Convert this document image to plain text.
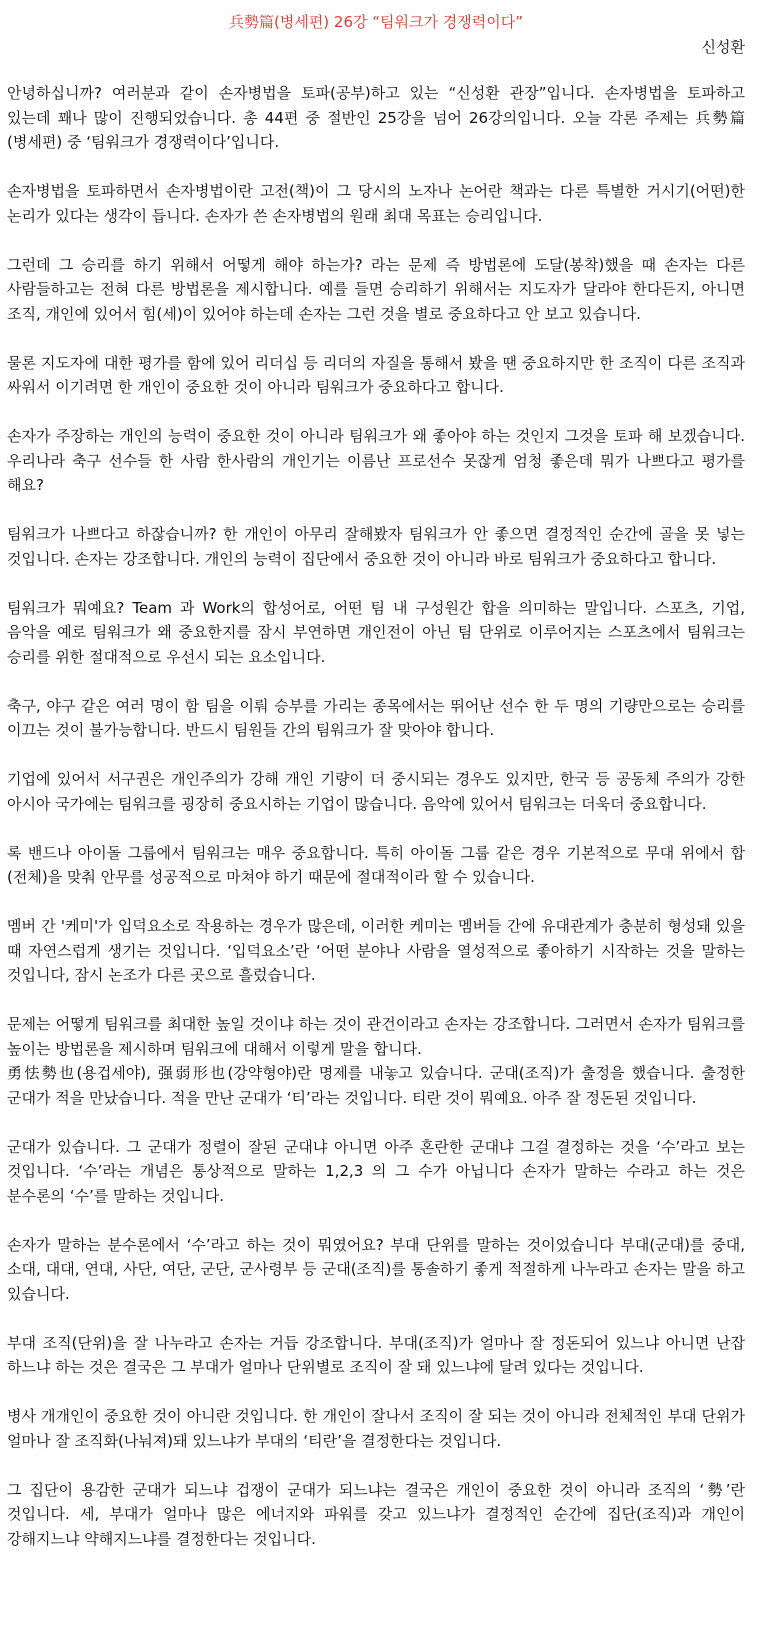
兵勢篇(병세편) 26강 “팀워크가 경쟁력이다”
신성환

안녕하십니까? 여러분과 같이 손자병법을 토파(공부)하고 있는 “신성환 관장”입니다. 손자병법을 토파하고 있는데 꽤나 많이 진행되었습니다. 총 44편 중 절반인 25강을 넘어 26강의입니다. 오늘 각론 주제는 兵勢篇(병세편) 중 ‘팀워크가 경쟁력이다’입니다.

손자병법을 토파하면서 손자병법이란 고전(책)이 그 당시의 노자나 논어란 책과는 다른 특별한 거시기(어떤)한 논리가 있다는 생각이 듭니다. 손자가 쓴 손자병법의 원래 최대 목표는 승리입니다.

그런데 그 승리를 하기 위해서 어떻게 해야 하는가? 라는 문제 즉 방법론에 도달(봉착)했을 때 손자는 다른 사람들하고는 전혀 다른 방법론을 제시합니다. 예를 들면 승리하기 위해서는 지도자가 달라야 한다든지, 아니면 조직, 개인에 있어서 힘(세)이 있어야 하는데 손자는 그런 것을 별로 중요하다고 안 보고 있습니다.

물론 지도자에 대한 평가를 함에 있어 리더십 등 리더의 자질을 통해서 봤을 땐 중요하지만 한 조직이 다른 조직과 싸워서 이기려면 한 개인이 중요한 것이 아니라 팀워크가 중요하다고 합니다.

손자가 주장하는 개인의 능력이 중요한 것이 아니라 팀워크가 왜 좋아야 하는 것인지 그것을 토파 해 보겠습니다. 우리나라 축구 선수들 한 사람 한사람의 개인기는 이름난 프로선수 못잖게 엄청 좋은데 뭐가 나쁘다고 평가를 해요?

팀워크가 나쁘다고 하잖습니까? 한 개인이 아무리 잘해봤자 팀워크가 안 좋으면 결정적인 순간에 골을 못 넣는 것입니다. 손자는 강조합니다. 개인의 능력이 집단에서 중요한 것이 아니라 바로 팀워크가 중요하다고 합니다.

팀워크가 뭐예요? Team 과 Work의 합성어로, 어떤 팀 내 구성원간 합을 의미하는 말입니다. 스포츠, 기업, 음악을 예로 팀워크가 왜 중요한지를 잠시 부연하면 개인전이 아닌 팀 단위로 이루어지는 스포츠에서 팀워크는 승리를 위한 절대적으로 우선시 되는 요소입니다.

축구, 야구 같은 여러 명이 함 팀을 이뤄 승부를 가리는 종목에서는 뛰어난 선수 한 두 명의 기량만으로는 승리를 이끄는 것이 불가능합니다. 반드시 팀원들 간의 팀워크가 잘 맞아야 합니다.

기업에 있어서 서구권은 개인주의가 강해 개인 기량이 더 중시되는 경우도 있지만, 한국 등 공동체 주의가 강한 아시아 국가에는 팀워크를 굉장히 중요시하는 기업이 많습니다. 음악에 있어서 팀워크는 더욱더 중요합니다.

록 밴드나 아이돌 그룹에서 팀워크는 매우 중요합니다. 특히 아이돌 그룹 같은 경우 기본적으로 무대 위에서 합(전체)을 맞춰 안무를 성공적으로 마쳐야 하기 때문에 절대적이라 할 수 있습니다.

멤버 간 '케미'가 입덕요소로 작용하는 경우가 많은데, 이러한 케미는 멤버들 간에 유대관계가 충분히 형성돼 있을 때 자연스럽게 생기는 것입니다. ‘입덕요소’란 ‘어떤 분야나 사람을 열성적으로 좋아하기 시작하는 것을 말하는 것입니다, 잠시 논조가 다른 곳으로 흘렀습니다.

문제는 어떻게 팀워크를 최대한 높일 것이냐 하는 것이 관건이라고 손자는 강조합니다. 그러면서 손자가 팀워크를 높이는 방법론을 제시하며 팀워크에 대해서 이렇게 말을 합니다.
勇怯勢也(용겁세야), 强弱形也(강약형야)란 명제를 내놓고 있습니다. 군대(조직)가 출정을 했습니다. 출정한 군대가 적을 만났습니다. 적을 만난 군대가 ‘티’라는 것입니다. 티란 것이 뭐예요. 아주 잘 정돈된 것입니다.

군대가 있습니다. 그 군대가 정렬이 잘된 군대냐 아니면 아주 혼란한 군대냐 그걸 결정하는 것을 ‘수’라고 보는 것입니다. ‘수’라는 개념은 통상적으로 말하는 1,2,3 의 그 수가 아닙니다 손자가 말하는 수라고 하는 것은 분수론의 ‘수’를 말하는 것입니다.

손자가 말하는 분수론에서 ‘수’라고 하는 것이 뭐였어요? 부대 단위를 말하는 것이었습니다 부대(군대)를 중대, 소대, 대대, 연대, 사단, 여단, 군단, 군사령부 등 군대(조직)를 통솔하기 좋게 적절하게 나누라고 손자는 말을 하고 있습니다.

부대 조직(단위)을 잘 나누라고 손자는 거듭 강조합니다. 부대(조직)가 얼마나 잘 정돈되어 있느냐 아니면 난잡 하느냐 하는 것은 결국은 그 부대가 얼마나 단위별로 조직이 잘 돼 있느냐에 달려 있다는 것입니다.

병사 개개인이 중요한 것이 아니란 것입니다. 한 개인이 잘나서 조직이 잘 되는 것이 아니라 전체적인 부대 단위가 얼마나 잘 조직화(나눠져)돼 있느냐가 부대의 ‘티란’을 결정한다는 것입니다.

그 집단이 용감한 군대가 되느냐 겁쟁이 군대가 되느냐는 결국은 개인이 중요한 것이 아니라 조직의 ‘勢’란 것입니다. 세, 부대가 얼마나 많은 에너지와 파워를 갖고 있느냐가 결정적인 순간에 집단(조직)과 개인이 강해지느냐 약해지느냐를 결정한다는 것입니다.
